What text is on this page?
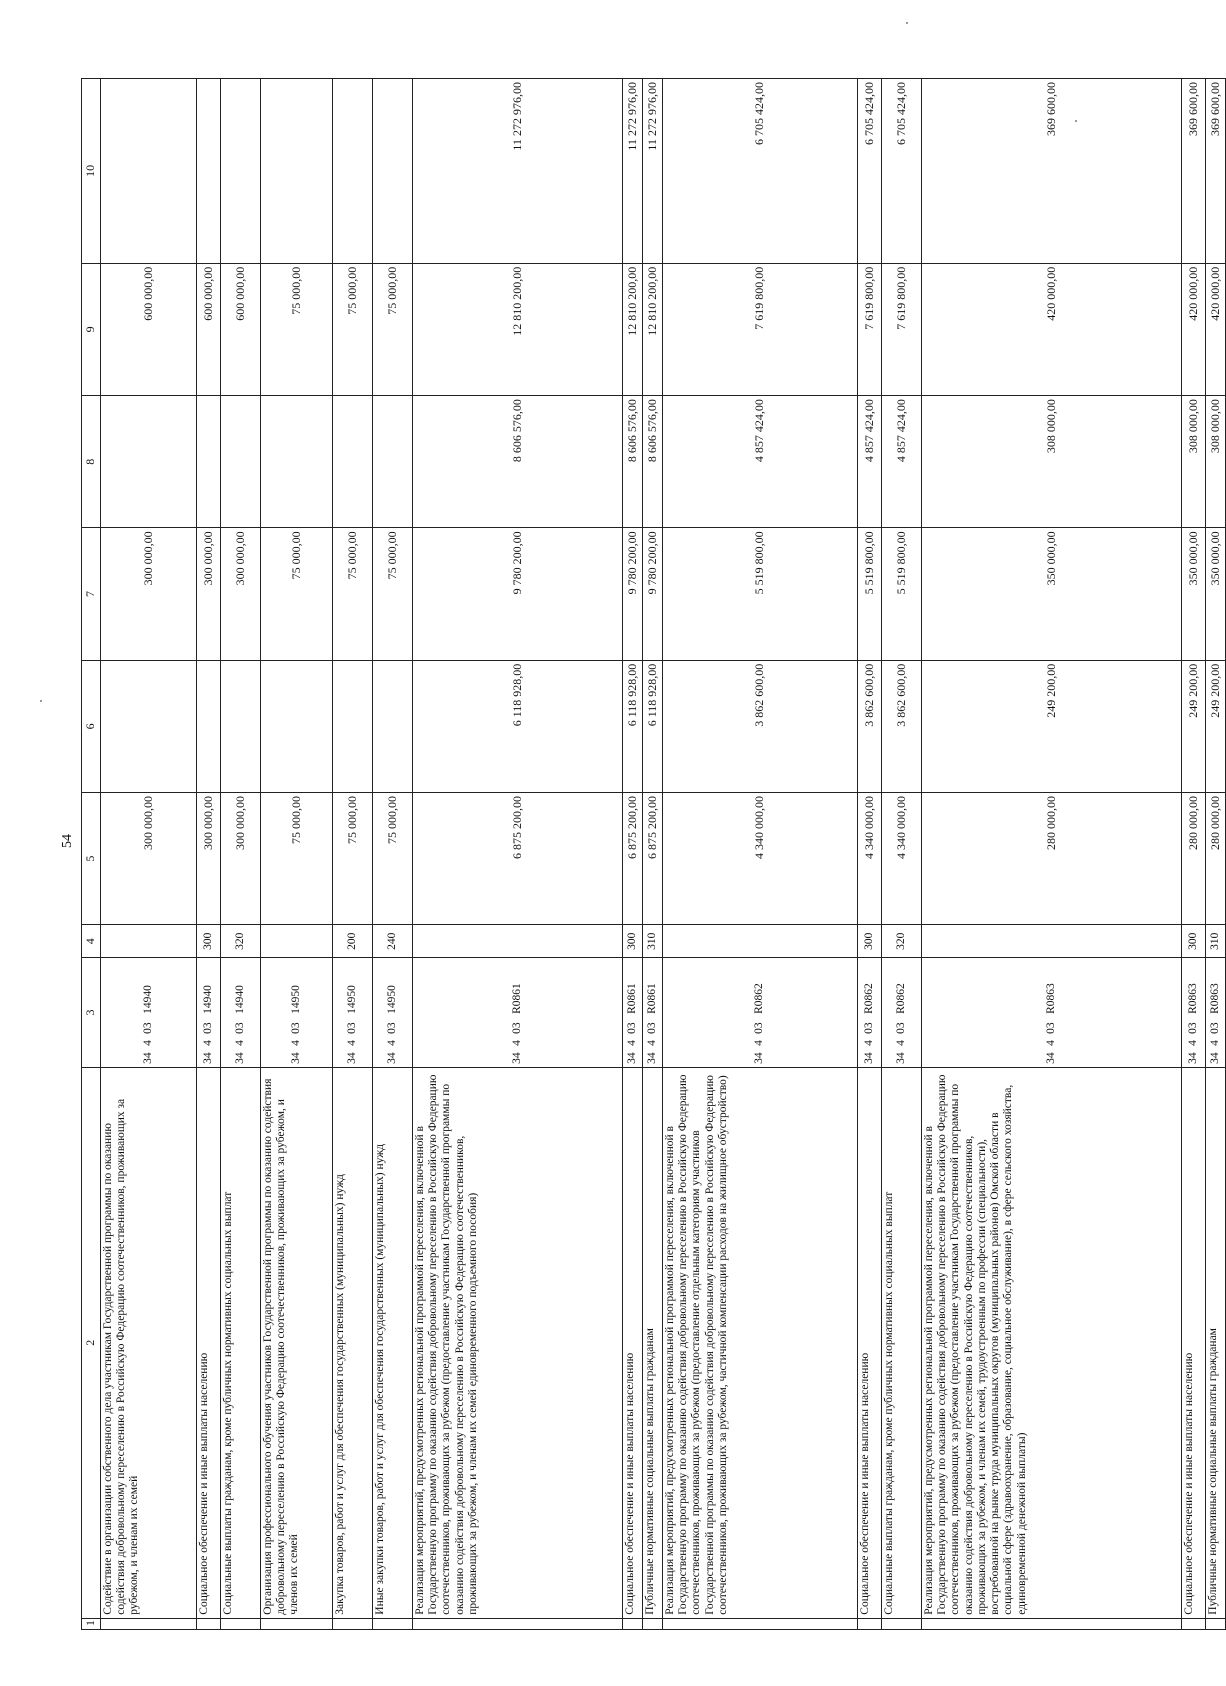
54
1	2	3	4	5	6	7	8	9	10
	Содействие в организации собственного дела участникам Государственной программы по оказанию содействия добровольному переселению в Российскую Федерацию соотечественников, проживающих за рубежом, и членам их семей	3440314940		300 000,00		300 000,00		600 000,00	
	Социальное обеспечение и иные выплаты населению	3440314940	300	300 000,00		300 000,00		600 000,00	
	Социальные выплаты гражданам, кроме публичных нормативных социальных выплат	3440314940	320	300 000,00		300 000,00		600 000,00	
	Организация профессионального обучения участников Государственной программы по оказанию содействия добровольному переселению в Российскую Федерацию соотечественников, проживающих за рубежом, и членов их семей	3440314950		75 000,00		75 000,00		75 000,00	
	Закупка товаров, работ и услуг для обеспечения государственных (муниципальных) нужд	3440314950	200	75 000,00		75 000,00		75 000,00	
	Иные закупки товаров, работ и услуг для обеспечения государственных (муниципальных) нужд	3440314950	240	75 000,00		75 000,00		75 000,00	
	Реализация мероприятий, предусмотренных региональной программой переселения, включенной в Государственную программу по оказанию содействия добровольному переселению в Российскую Федерацию соотечественников, проживающих за рубежом (предоставление участникам Государственной программы по оказанию содействия добровольному переселению в Российскую Федерацию соотечественников, проживающих за рубежом, и членам их семей единовременного подъемного пособия)	34403R0861		6 875 200,00	6 118 928,00	9 780 200,00	8 606 576,00	12 810 200,00	11 272 976,00
	Социальное обеспечение и иные выплаты населению	34403R0861	300	6 875 200,00	6 118 928,00	9 780 200,00	8 606 576,00	12 810 200,00	11 272 976,00
	Публичные нормативные социальные выплаты гражданам	34403R0861	310	6 875 200,00	6 118 928,00	9 780 200,00	8 606 576,00	12 810 200,00	11 272 976,00
	Реализация мероприятий, предусмотренных региональной программой переселения, включенной в Государственную программу по оказанию содействия добровольному переселению в Российскую Федерацию соотечественников, проживающих за рубежом (предоставление отдельным категориям участников Государственной программы по оказанию содействия добровольному переселению в Российскую Федерацию соотечественников, проживающих за рубежом, частичной компенсации расходов на жилищное обустройство)	34403R0862		4 340 000,00	3 862 600,00	5 519 800,00	4 857 424,00	7 619 800,00	6 705 424,00
	Социальное обеспечение и иные выплаты населению	34403R0862	300	4 340 000,00	3 862 600,00	5 519 800,00	4 857 424,00	7 619 800,00	6 705 424,00
	Социальные выплаты гражданам, кроме публичных нормативных социальных выплат	34403R0862	320	4 340 000,00	3 862 600,00	5 519 800,00	4 857 424,00	7 619 800,00	6 705 424,00
	Реализация мероприятий, предусмотренных региональной программой переселения, включенной в Государственную программу по оказанию содействия добровольному переселению в Российскую Федерацию соотечественников, проживающих за рубежом (предоставление участникам Государственной программы по оказанию содействия добровольному переселению в Российскую Федерацию соотечественников, проживающих за рубежом, и членам их семей, трудоустроенным по профессии (специальности), востребованной на рынке труда муниципальных округов (муниципальных районов) Омской области в социальной сфере (здравоохранение, образование, социальное обслуживание), в сфере сельского хозяйства, единовременной денежной выплаты)	34403R0863		280 000,00	249 200,00	350 000,00	308 000,00	420 000,00	369 600,00
	Социальное обеспечение и иные выплаты населению	34403R0863	300	280 000,00	249 200,00	350 000,00	308 000,00	420 000,00	369 600,00
	Публичные нормативные социальные выплаты гражданам	34403R0863	310	280 000,00	249 200,00	350 000,00	308 000,00	420 000,00	369 600,00
